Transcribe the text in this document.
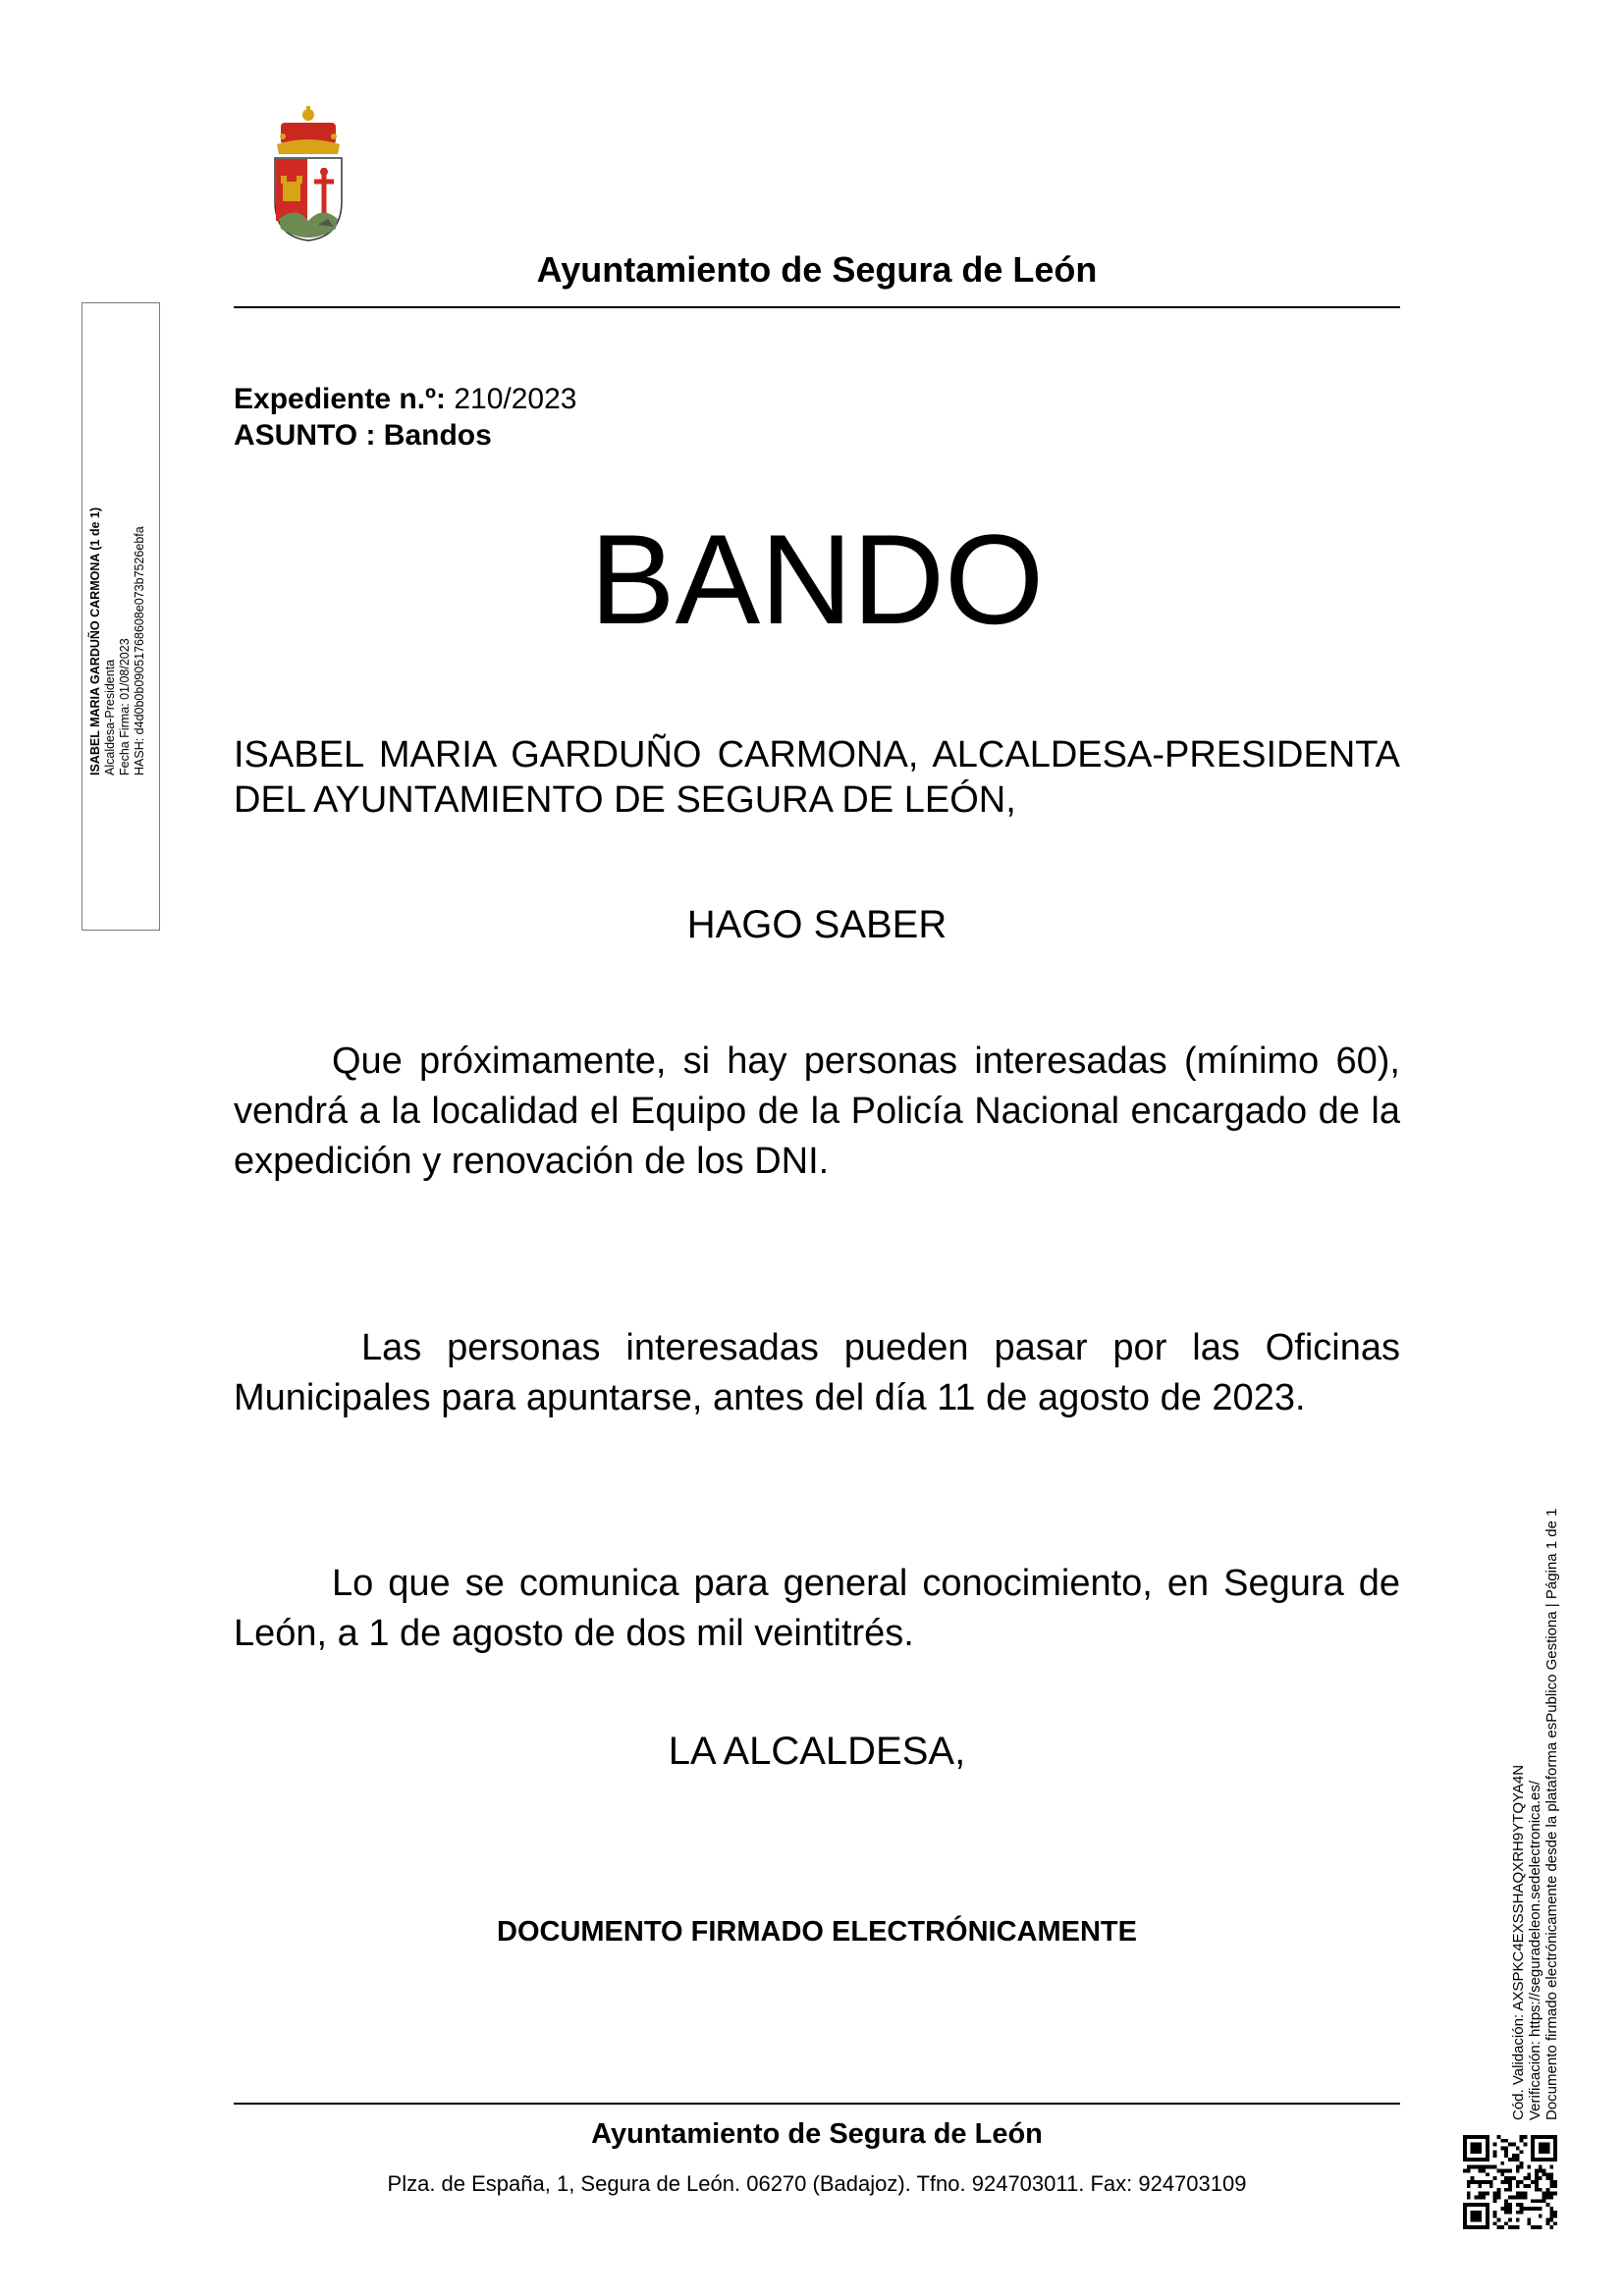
Ayuntamiento de Segura de León
Expediente n.º: 210/2023
ASUNTO : Bandos
BANDO
ISABEL MARIA GARDUÑO CARMONA, ALCALDESA-PRESIDENTA DEL AYUNTAMIENTO DE SEGURA DE LEÓN,
HAGO SABER
Que próximamente, si hay personas interesadas (mínimo 60), vendrá a la localidad el Equipo de la Policía Nacional encargado de la expedición y renovación de los DNI.
Las personas interesadas pueden pasar por las Oficinas Municipales para apuntarse, antes del día 11 de agosto de 2023.
Lo que se comunica para general conocimiento, en Segura de León, a 1 de agosto de dos mil veintitrés.
LA ALCALDESA,
DOCUMENTO FIRMADO ELECTRÓNICAMENTE
Ayuntamiento de Segura de León
Plza. de España, 1, Segura de León. 06270 (Badajoz). Tfno. 924703011. Fax: 924703109
ISABEL MARIA GARDUÑO CARMONA (1 de 1) Alcaldesa-Presidenta Fecha Firma: 01/08/2023 HASH: d4d0b0b09051768608e073b7526ebfa
Cód. Validación: AXSPKC4EXSSHAQXRH9YTQYA4N Verificación: https://seguradeleon.sedelectronica.es/ Documento firmado electrónicamente desde la plataforma esPublico Gestiona | Página 1 de 1
